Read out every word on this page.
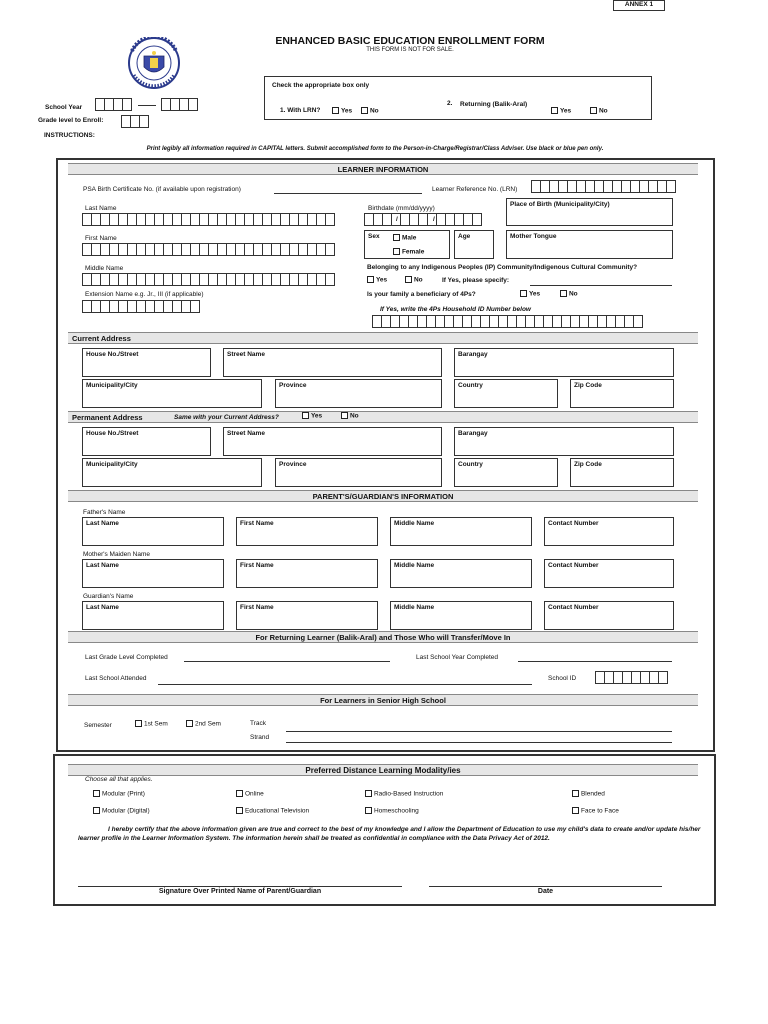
ANNEX 1
ENHANCED BASIC EDUCATION ENROLLMENT FORM
THIS FORM IS NOT FOR SALE.
Check the appropriate box only
1. With LRN?	Yes	No
2. Returning (Balik-Aral)
Yes	No
School Year
Grade level to Enroll:
INSTRUCTIONS:
Print legibly all information required in CAPITAL letters. Submit accomplished form to the Person-in-Charge/Registrar/Class Adviser. Use black or blue pen only.
LEARNER INFORMATION
PSA Birth Certificate No. (if available upon registration)	Learner Reference No. (LRN)
Last Name	Birthdate (mm/dd/yyyy)
/	/
Place of Birth (Municipality/City)
First Name	Sex	Male
Female
Age	Mother Tongue
Middle Name	Belonging to any Indigenous Peoples (IP) Community/Indigenous Cultural Community?
Yes	No	If Yes, please specify:
Extension Name e.g. Jr., III (if applicable)	Is your family a beneficiary of 4Ps?	Yes	No
If Yes, write the 4Ps Household ID Number below
Current Address
House No./Street	Street Name	Barangay
Municipality/City	Province	Country	Zip Code
Permanent Address	Same with your Current Address?	Yes	No
House No./Street	Street Name	Barangay
Municipality/City	Province	Country	Zip Code
PARENT'S/GUARDIAN'S INFORMATION
Father's Name
Last Name	First Name	Middle Name	Contact Number
Mother's Maiden Name
Last Name	First Name	Middle Name	Contact Number
Guardian's Name
Last Name	First Name	Middle Name	Contact Number
For Returning Learner (Balik-Aral) and Those Who will Transfer/Move In
Last Grade Level Completed	Last School Year Completed
Last School Attended	School ID
For Learners in Senior High School
Semester	1st Sem	2nd Sem	Track
Strand
Preferred Distance Learning Modality/ies
Choose all that applies.
Modular (Print)	Online	Radio-Based Instruction	Blended
Modular (Digital)	Educational Television	Homeschooling	Face to Face
I hereby certify that the above information given are true and correct to the best of my knowledge and I allow the Department of Education to use my child's data to create and/or update his/her learner profile in the Learner Information System. The information herein shall be treated as confidential in compliance with the Data Privacy Act of 2012.
Signature Over Printed Name of Parent/Guardian	Date
